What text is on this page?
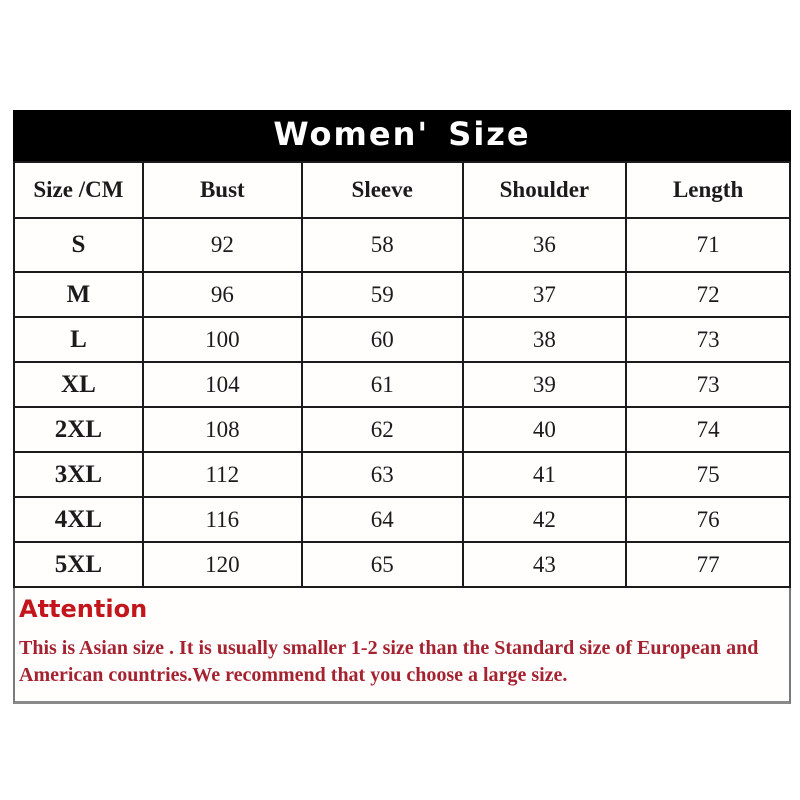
Women' Size
Size /CM	Bust	Sleeve	Shoulder	Length
S	92	58	36	71
M	96	59	37	72
L	100	60	38	73
XL	104	61	39	73
2XL	108	62	40	74
3XL	112	63	41	75
4XL	116	64	42	76
5XL	120	65	43	77
Attention
This is Asian size . It is usually smaller 1-2 size than the Standard size of European and
American countries.We recommend that you choose a large size.
